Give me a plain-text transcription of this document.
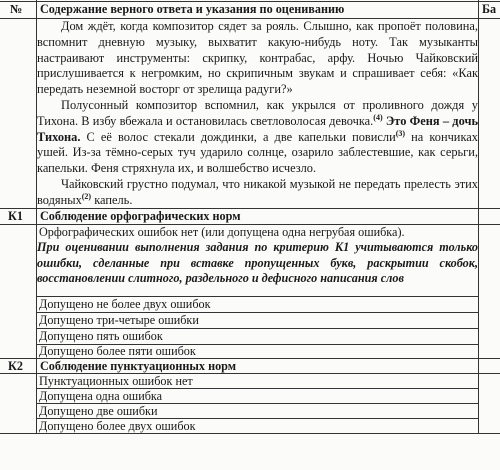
№ Содержание верного ответа и указания по оцениванию	Ба

Дом ждёт, когда композитор сядет за рояль. Слышно, как пропоёт половина, вспомнит дневную музыку, выхватит какую-нибудь ноту. Так музыканты настраивают инструменты: скрипку, контрабас, арфу. Ночью Чайковский прислушивается к негромким, но скрипичным звукам и спрашивает себя: «Как передать неземной восторг от зрелища радуги?»

Полусонный композитор вспомнил, как укрылся от проливного дождя у Тихона. В избу вбежала и остановилась светловолосая девочка.$^{(4)}$ Это Феня – дочь Тихона. С её волос стекали дождинки, а две капельки повисли$^{(3)}$ на кончиках ушей. Из-за тёмно-серых туч ударило солнце, озарило заблестевшие, как серьги, капельки. Феня стряхнула их, и волшебство исчезло.

Чайковский грустно подумал, что никакой музыкой не передать прелесть этих водяных$^{(2)}$ капель.

К1 Соблюдение орфографических норм
Орфографических ошибок нет (или допущена одна негрубая ошибка).
При оценивании выполнения задания по критерию К1 учитываются только ошибки, сделанные при вставке пропущенных букв, раскрытии скобок, восстановлении слитного, раздельного и дефисного написания слов
Допущено не более двух ошибок
Допущено три-четыре ошибки
Допущено пять ошибок
Допущено более пяти ошибок
К2 Соблюдение пунктуационных норм
Пунктуационных ошибок нет
Допущена одна ошибка
Допущено две ошибки
Допущено более двух ошибок
